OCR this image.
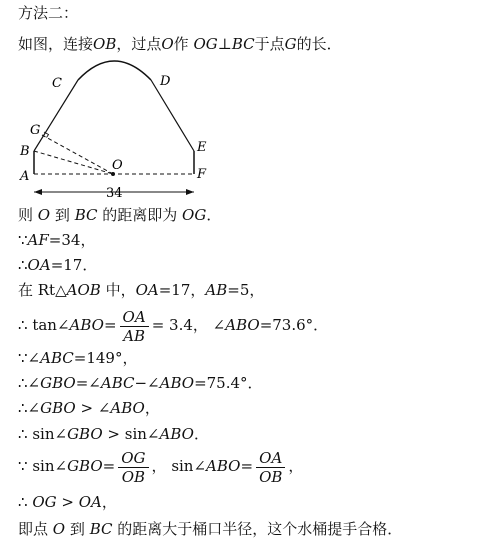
方法二：
如图，连接OB，过点O作 OG⊥BC于点G的长．
C	D
G
B
A
E
F
O
34
则 O 到 BC 的距离即为 OG．
∵AF=34，
∴OA=17．
在 Rt△AOB 中，OA=17，AB=5，
∴ tan∠ABO= $\frac{OA}{AB} = 3.4$， ∠ABO=73.6°．
∵∠ABC=149°，
∴∠GBO=∠ABC−∠ABO=75.4°．
∴∠GBO > ∠ABO，
∴ sin∠GBO > sin∠ABO．
∵ sin∠GBO= $\frac{OG}{OB}$ ， sin∠ABO= $\frac{OA}{OB}$ ，
∴ OG > OA，
即点 O 到 BC 的距离大于桶口半径，这个水桶提手合格．
